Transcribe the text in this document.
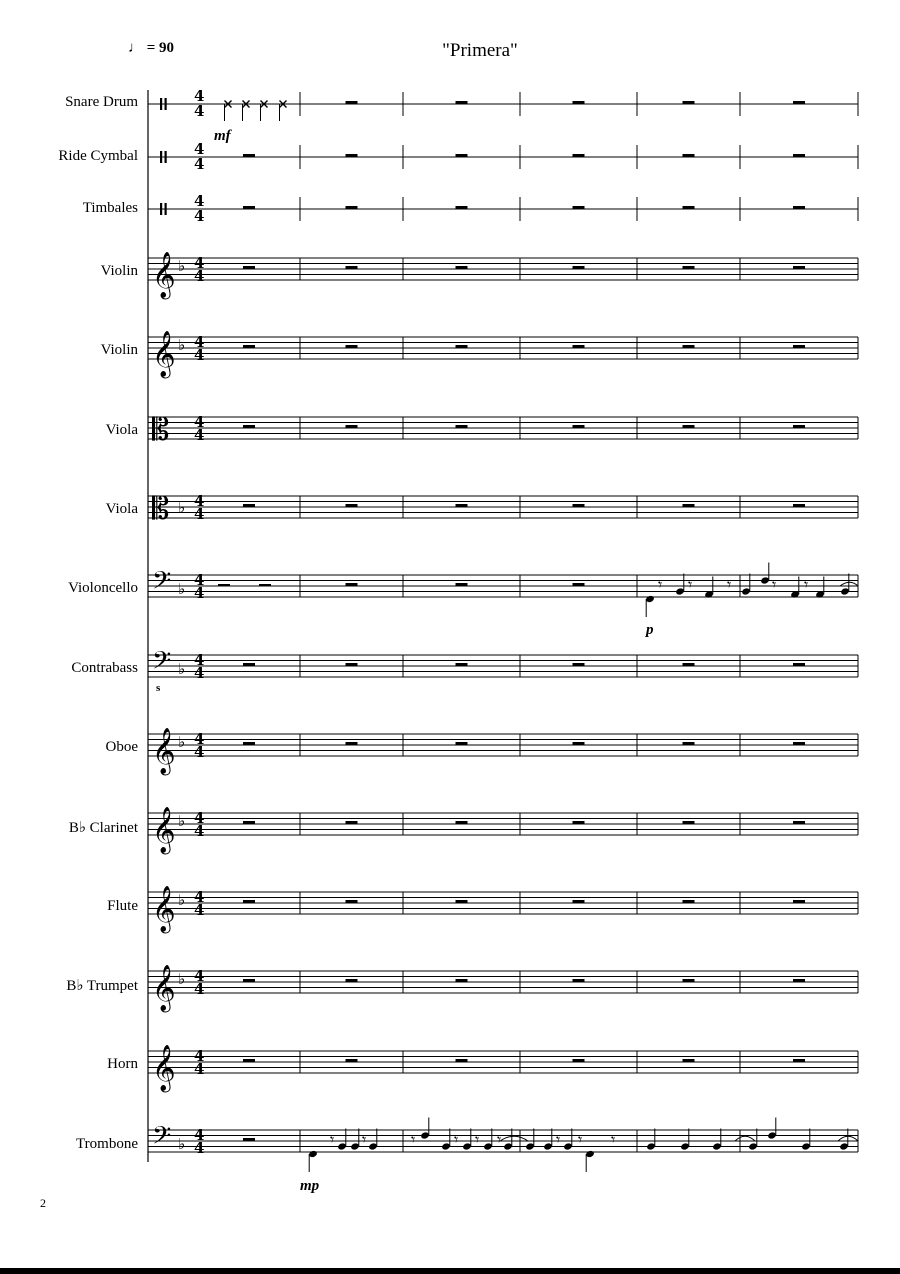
♩ = 90	"Primera"
Snare Drum
Ride Cymbal
Timbales
Violin
Violin
Viola
Viola
Violoncello
Contrabass
Oboe
B♭ Clarinet
Flute
B♭ Trumpet
Horn
Trombone
mf
p
mp
s
2
4
4
4
4
4
4
𝄞 ♭ 4
4
𝄞 ♭ 4
4
𝄡 4
4
𝄡 ♭ 4
4
𝄢 ♭ 4
4
𝄢 ♭ 4
4
𝄞 ♭ 4
4
𝄞 ♭ 4
4
𝄞 ♭ 4
4
𝄞 ♭ 4
4
𝄞 4
4
𝄢 ♭ 4
4
𝄾 𝄾 𝄾	𝄾 𝄾
𝄾 𝄾	𝄾 𝄾 𝄾 𝄾	𝄾 𝄾 𝄾
